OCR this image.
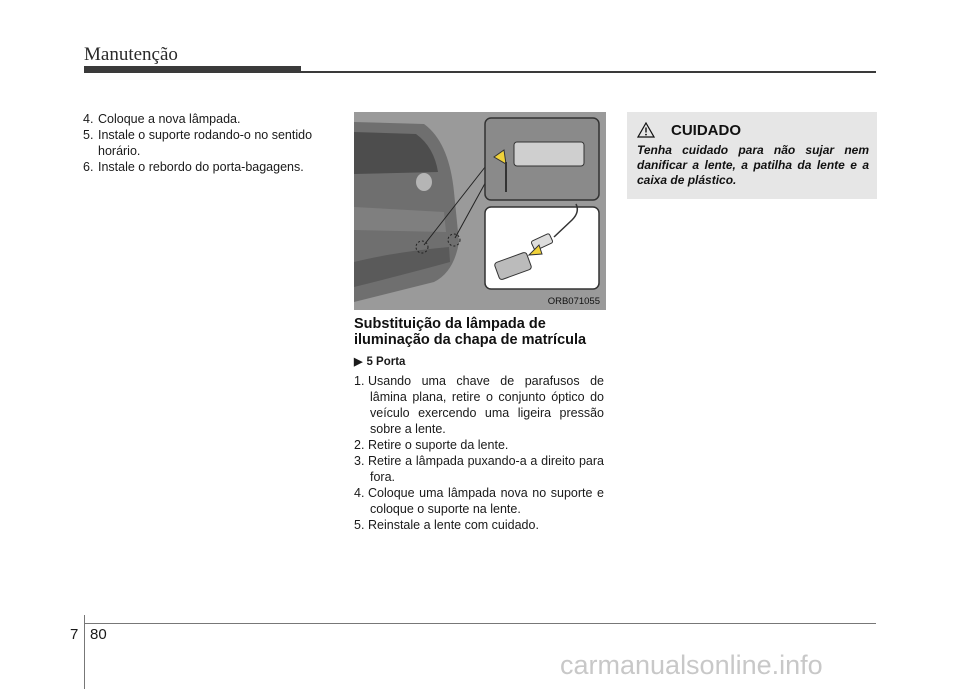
Manutenção
4. Coloque a nova lâmpada.
5. Instale o suporte rodando-o no sentido horário.
6. Instale o rebordo do porta-bagagens.
ORB071055
Substituição da lâmpada de iluminação da chapa de matrícula
▶ 5 Porta
1. Usando uma chave de parafusos de lâmina plana, retire o conjunto óptico do veículo exercendo uma ligeira pressão sobre a lente.
2. Retire o suporte da lente.
3. Retire a lâmpada puxando-a a direito para fora.
4. Coloque uma lâmpada nova no suporte e coloque o suporte na lente.
5. Reinstale a lente com cuidado.
CUIDADO
Tenha cuidado para não sujar nem danificar a lente, a patilha da lente e a caixa de plástico.
7 80
carmanualsonline.info
